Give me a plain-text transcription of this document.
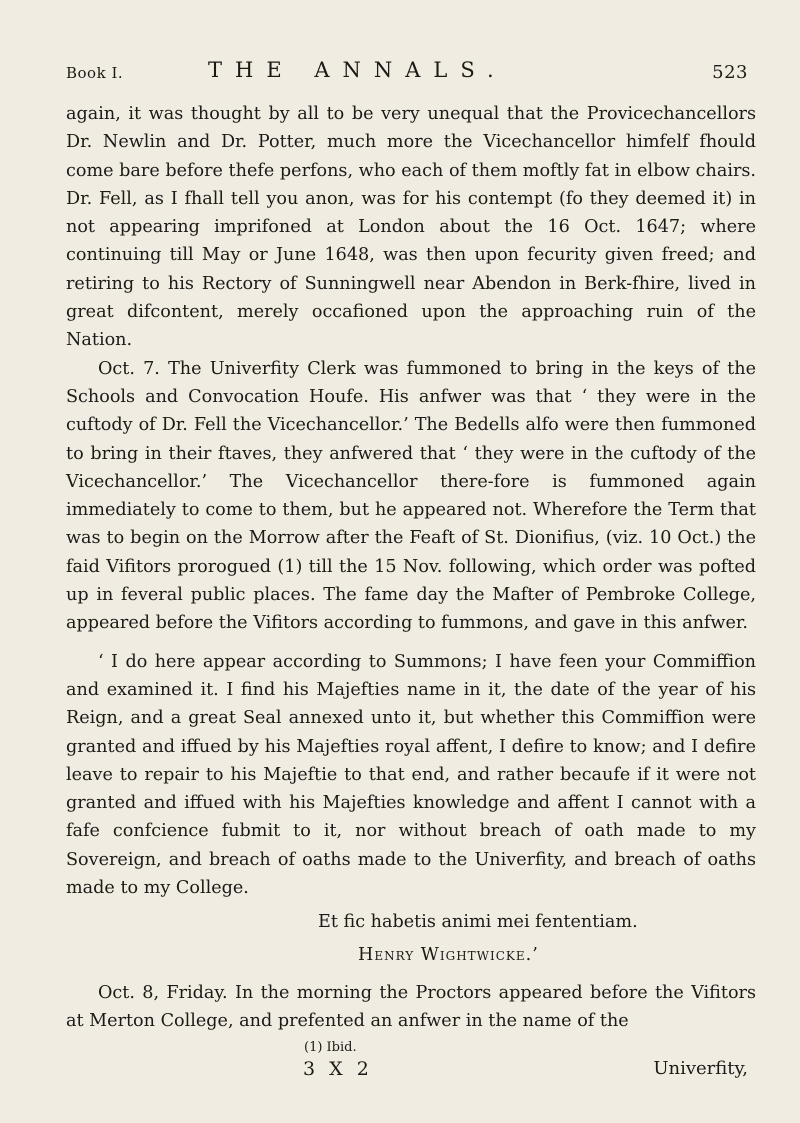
Book I.	THE ANNALS.	523

again, it was thought by all to be very unequal that the Provicechancellors Dr. Newlin and Dr. Potter, much more the Vicechancellor himfelf fhould come bare before thefe perfons, who each of them moftly fat in elbow chairs. Dr. Fell, as I fhall tell you anon, was for his contempt (fo they deemed it) in not appearing imprifoned at London about the 16 Oct. 1647; where continuing till May or June 1648, was then upon fecurity given freed; and retiring to his Rectory of Sunningwell near Abendon in Berk-fhire, lived in great difcontent, merely occafioned upon the approaching ruin of the Nation.

Oct. 7. The Univerfity Clerk was fummoned to bring in the keys of the Schools and Convocation Houfe. His anfwer was that ‘ they were in the cuftody of Dr. Fell the Vicechancellor.’ The Bedells alfo were then fummoned to bring in their ftaves, they anfwered that ‘ they were in the cuftody of the Vicechancellor.’ The Vicechancellor there-fore is fummoned again immediately to come to them, but he appeared not. Wherefore the Term that was to begin on the Morrow after the Feaft of St. Dionifius, (viz. 10 Oct.) the faid Vifitors prorogued (1) till the 15 Nov. following, which order was pofted up in feveral public places. The fame day the Mafter of Pembroke College, appeared before the Vifitors according to fummons, and gave in this anfwer.

‘ I do here appear according to Summons; I have feen your Commiffion and examined it. I find his Majefties name in it, the date of the year of his Reign, and a great Seal annexed unto it, but whether this Commiffion were granted and iffued by his Majefties royal affent, I defire to know; and I defire leave to repair to his Majeftie to that end, and rather becaufe if it were not granted and iffued with his Majefties knowledge and affent I cannot with a fafe confcience fubmit to it, nor without breach of oath made to my Sovereign, and breach of oaths made to the Univerfity, and breach of oaths made to my College.

Et fic habetis animi mei fententiam.

Henry Wightwicke.’

Oct. 8, Friday. In the morning the Proctors appeared before the Vifitors at Merton College, and prefented an anfwer in the name of the

(1) Ibid.
3 X 2	Univerfity,
